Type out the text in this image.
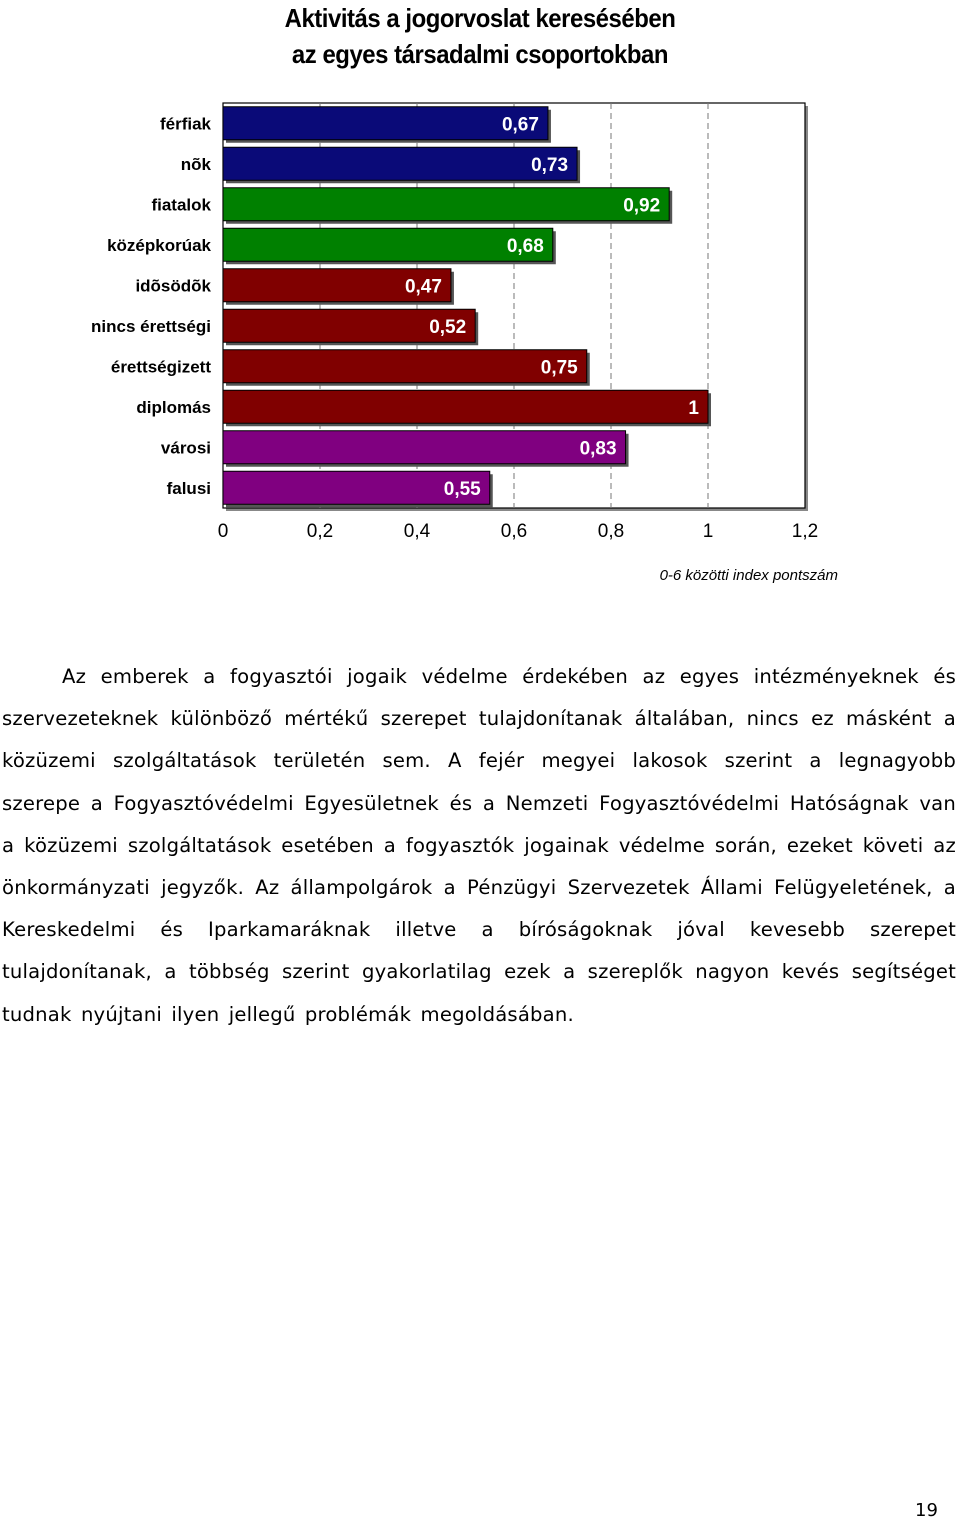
Aktivitás a jogorvoslat keresésében
az egyes társadalmi csoportokban
0,67
férfiak
0,73
nõk
0,92
fiatalok
0,68
középkorúak
0,47
idõsödõk
0,52
nincs érettségi
0,75
érettségizett
1
diplomás
0,83
városi
0,55
falusi
0	0,2	0,4	0,6	0,8	1	1,2
0-6 közötti index pontszám

Az emberek a fogyasztói jogaik védelme érdekében az egyes intézményeknek és szervezeteknek különböző mértékű szerepet tulajdonítanak általában, nincs ez másként a közüzemi szolgáltatások területén sem. A fejér megyei lakosok szerint a legnagyobb szerepe a Fogyasztóvédelmi Egyesületnek és a Nemzeti Fogyasztóvédelmi Hatóságnak van a közüzemi szolgáltatások esetében a fogyasztók jogainak védelme során, ezeket követi az önkormányzati jegyzők. Az állampolgárok a Pénzügyi Szervezetek Állami Felügyeletének, a Kereskedelmi és Iparkamaráknak illetve a bíróságoknak jóval kevesebb szerepet tulajdonítanak, a többség szerint gyakorlatilag ezek a szereplők nagyon kevés segítséget tudnak nyújtani ilyen jellegű problémák megoldásában.

19
